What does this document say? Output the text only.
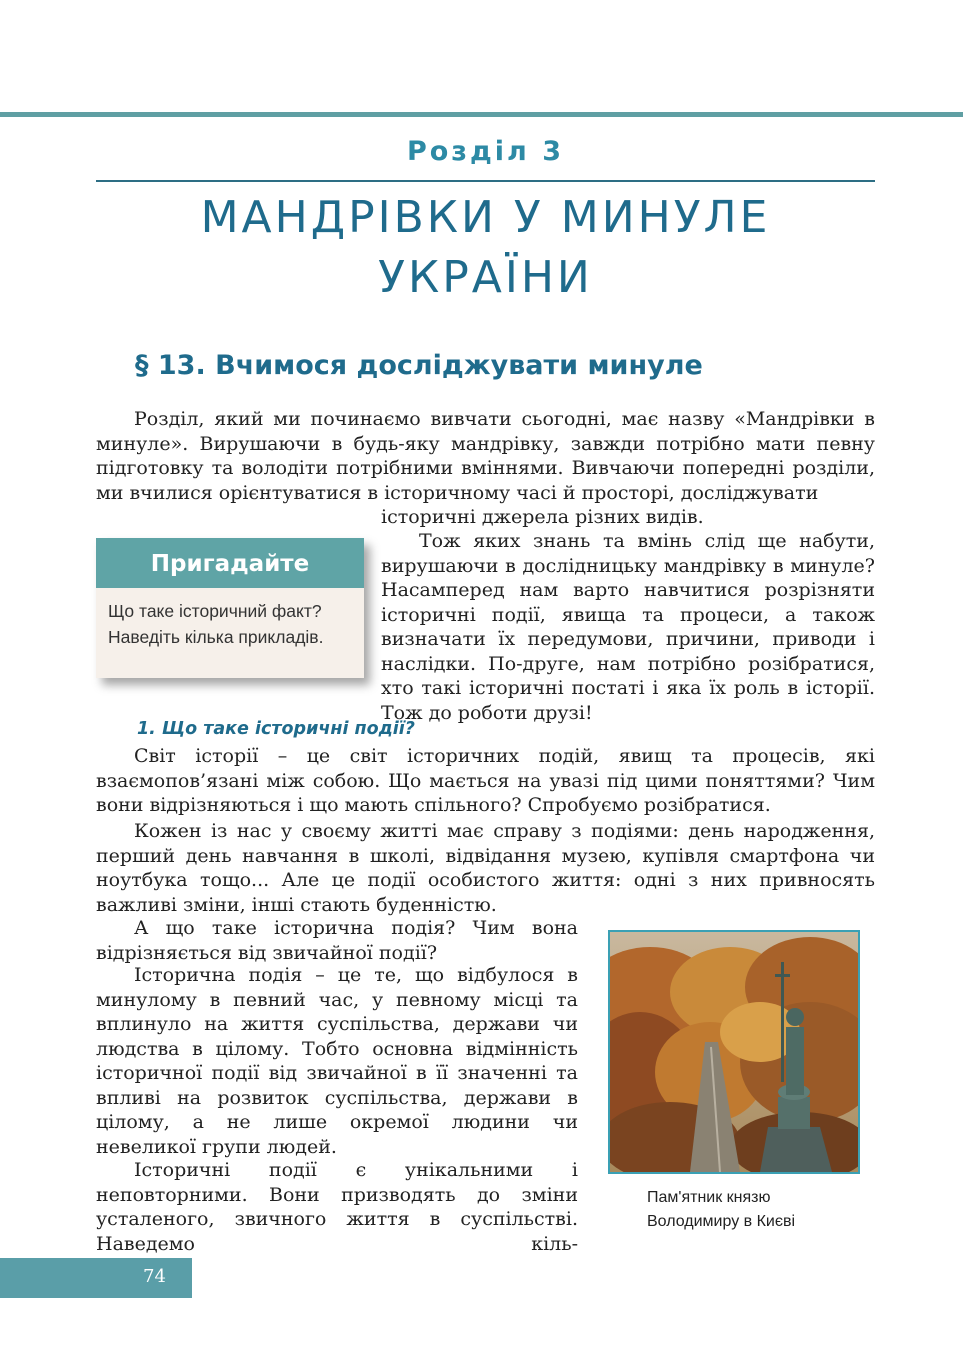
Розділ 3
МАНДРІВКИ У МИНУЛЕ
УКРАЇНИ
§ 13. Вчимося досліджувати минуле

Розділ, який ми починаємо вивчати сьогодні, має назву «Мандрівки в минуле». Вирушаючи в будь-яку мандрівку, завжди потрібно мати певну підготовку та володіти потрібними вміннями. Вивчаючи попередні розділи, ми вчилися орієнтуватися в історичному часі й просторі, досліджувати

історичні джерела різних видів.

Пригадайте
Що таке історичний факт? Наведіть кілька прикладів.

Тож яких знань та вмінь слід ще набути, вирушаючи в дослідницьку мандрівку в минуле? Насамперед нам варто навчитися розрізняти історичні події, явища та процеси, а також визначати їх передумови, причини, приводи і наслідки. По-друге, нам потрібно розібратися, хто такі історичні постаті і яка їх роль в історії. Тож до роботи друзі!

1. Що таке історичні події?

Світ історії – це світ історичних подій, явищ та процесів, які взаємопов’язані між собою. Що мається на увазі під цими поняттями? Чим вони відрізняються і що мають спільного? Спробуємо розібратися.

Кожен із нас у своєму житті має справу з подіями: день народження, перший день навчання в школі, відвідання музею, купівля смартфона чи ноутбука тощо... Але це події особистого життя: одні з них привносять важливі зміни, інші стають буденністю.

А що таке історична подія? Чим вона відрізняється від звичайної події?

Історична подія – це те, що відбулося в минулому в певний час, у певному місці та вплинуло на життя суспільства, держави чи людства в цілому. Тобто основна відмінність історичної події від звичайної в її значенні та впливі на розвиток суспільства, держави в цілому, а не лише окремої людини чи невеликої групи людей.

Історичні події є унікальними і неповторними. Вони призводять до зміни усталеного, звичного життя в суспільстві. Наведемо кіль-

Пам'ятник князю
Володимиру в Києві
74
